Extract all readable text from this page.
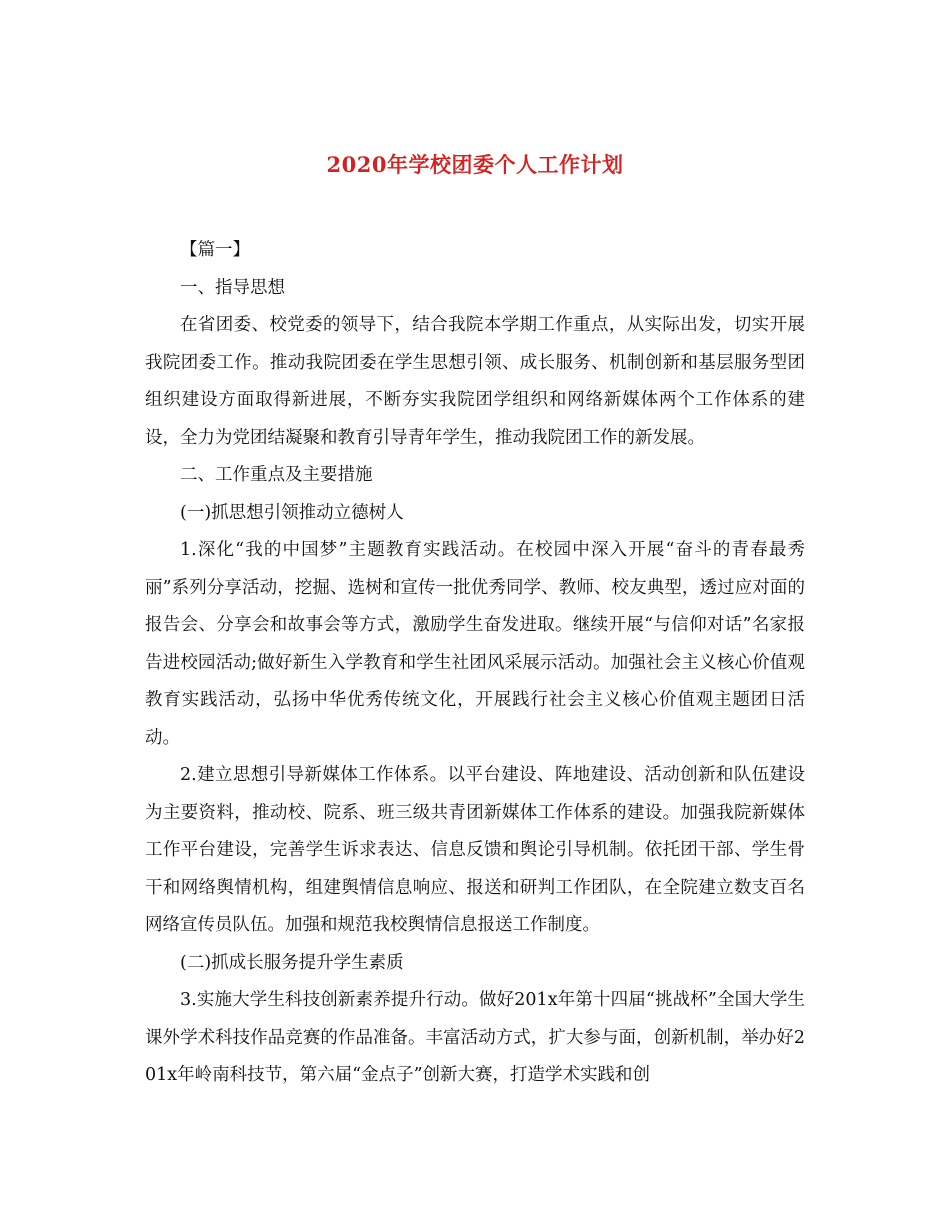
2020年学校团委个人工作计划

【篇一】

一、指导思想

在省团委、校党委的领导下，结合我院本学期工作重点，从实际出发，切实开展我院团委工作。推动我院团委在学生思想引领、成长服务、机制创新和基层服务型团组织建设方面取得新进展，不断夯实我院团学组织和网络新媒体两个工作体系的建设，全力为党团结凝聚和教育引导青年学生，推动我院团工作的新发展。

二、工作重点及主要措施

(一)抓思想引领推动立德树人

1.深化“我的中国梦”主题教育实践活动。在校园中深入开展“奋斗的青春最秀丽”系列分享活动，挖掘、选树和宣传一批优秀同学、教师、校友典型，透过应对面的报告会、分享会和故事会等方式，激励学生奋发进取。继续开展“与信仰对话”名家报告进校园活动;做好新生入学教育和学生社团风采展示活动。加强社会主义核心价值观教育实践活动，弘扬中华优秀传统文化，开展践行社会主义核心价值观主题团日活动。

2.建立思想引导新媒体工作体系。以平台建设、阵地建设、活动创新和队伍建设为主要资料，推动校、院系、班三级共青团新媒体工作体系的建设。加强我院新媒体工作平台建设，完善学生诉求表达、信息反馈和舆论引导机制。依托团干部、学生骨干和网络舆情机构，组建舆情信息响应、报送和研判工作团队，在全院建立数支百名网络宣传员队伍。加强和规范我校舆情信息报送工作制度。

(二)抓成长服务提升学生素质

3.实施大学生科技创新素养提升行动。做好201x年第十四届“挑战杯”全国大学生课外学术科技作品竞赛的作品准备。丰富活动方式，扩大参与面，创新机制，举办好201x年岭南科技节，第六届“金点子”创新大赛，打造学术实践和创
